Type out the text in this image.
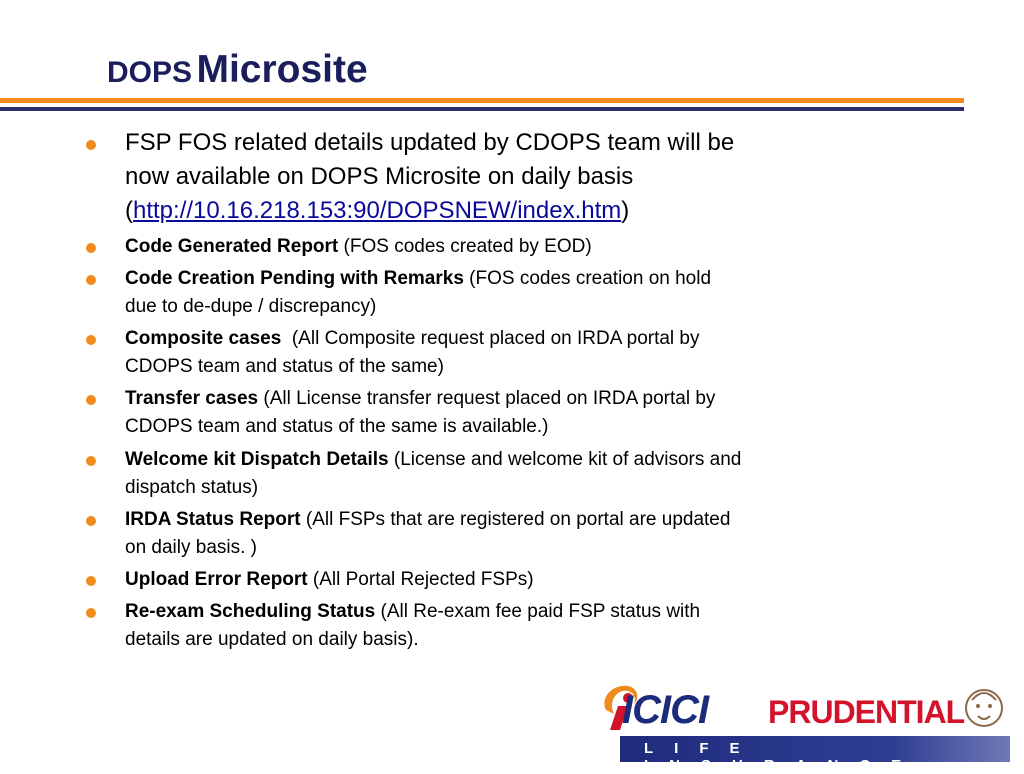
DOPS Microsite
FSP FOS related details updated by CDOPS team will be
now available on DOPS Microsite on daily basis
(http://10.16.218.153:90/DOPSNEW/index.htm)
Code Generated Report (FOS codes created by EOD)
Code Creation Pending with Remarks (FOS codes creation on hold
due to de-dupe / discrepancy)
Composite cases  (All Composite request placed on IRDA portal by
CDOPS team and status of the same)
Transfer cases (All License transfer request placed on IRDA portal by
CDOPS team and status of the same is available.)
Welcome kit Dispatch Details (License and welcome kit of advisors and
dispatch status)
IRDA Status Report (All FSPs that are registered on portal are updated
on daily basis. )
Upload Error Report (All Portal Rejected FSPs)
Re-exam Scheduling Status (All Re-exam fee paid FSP status with
details are updated on daily basis).
ICICI PRUDENTIAL
LIFE INSURANCE
